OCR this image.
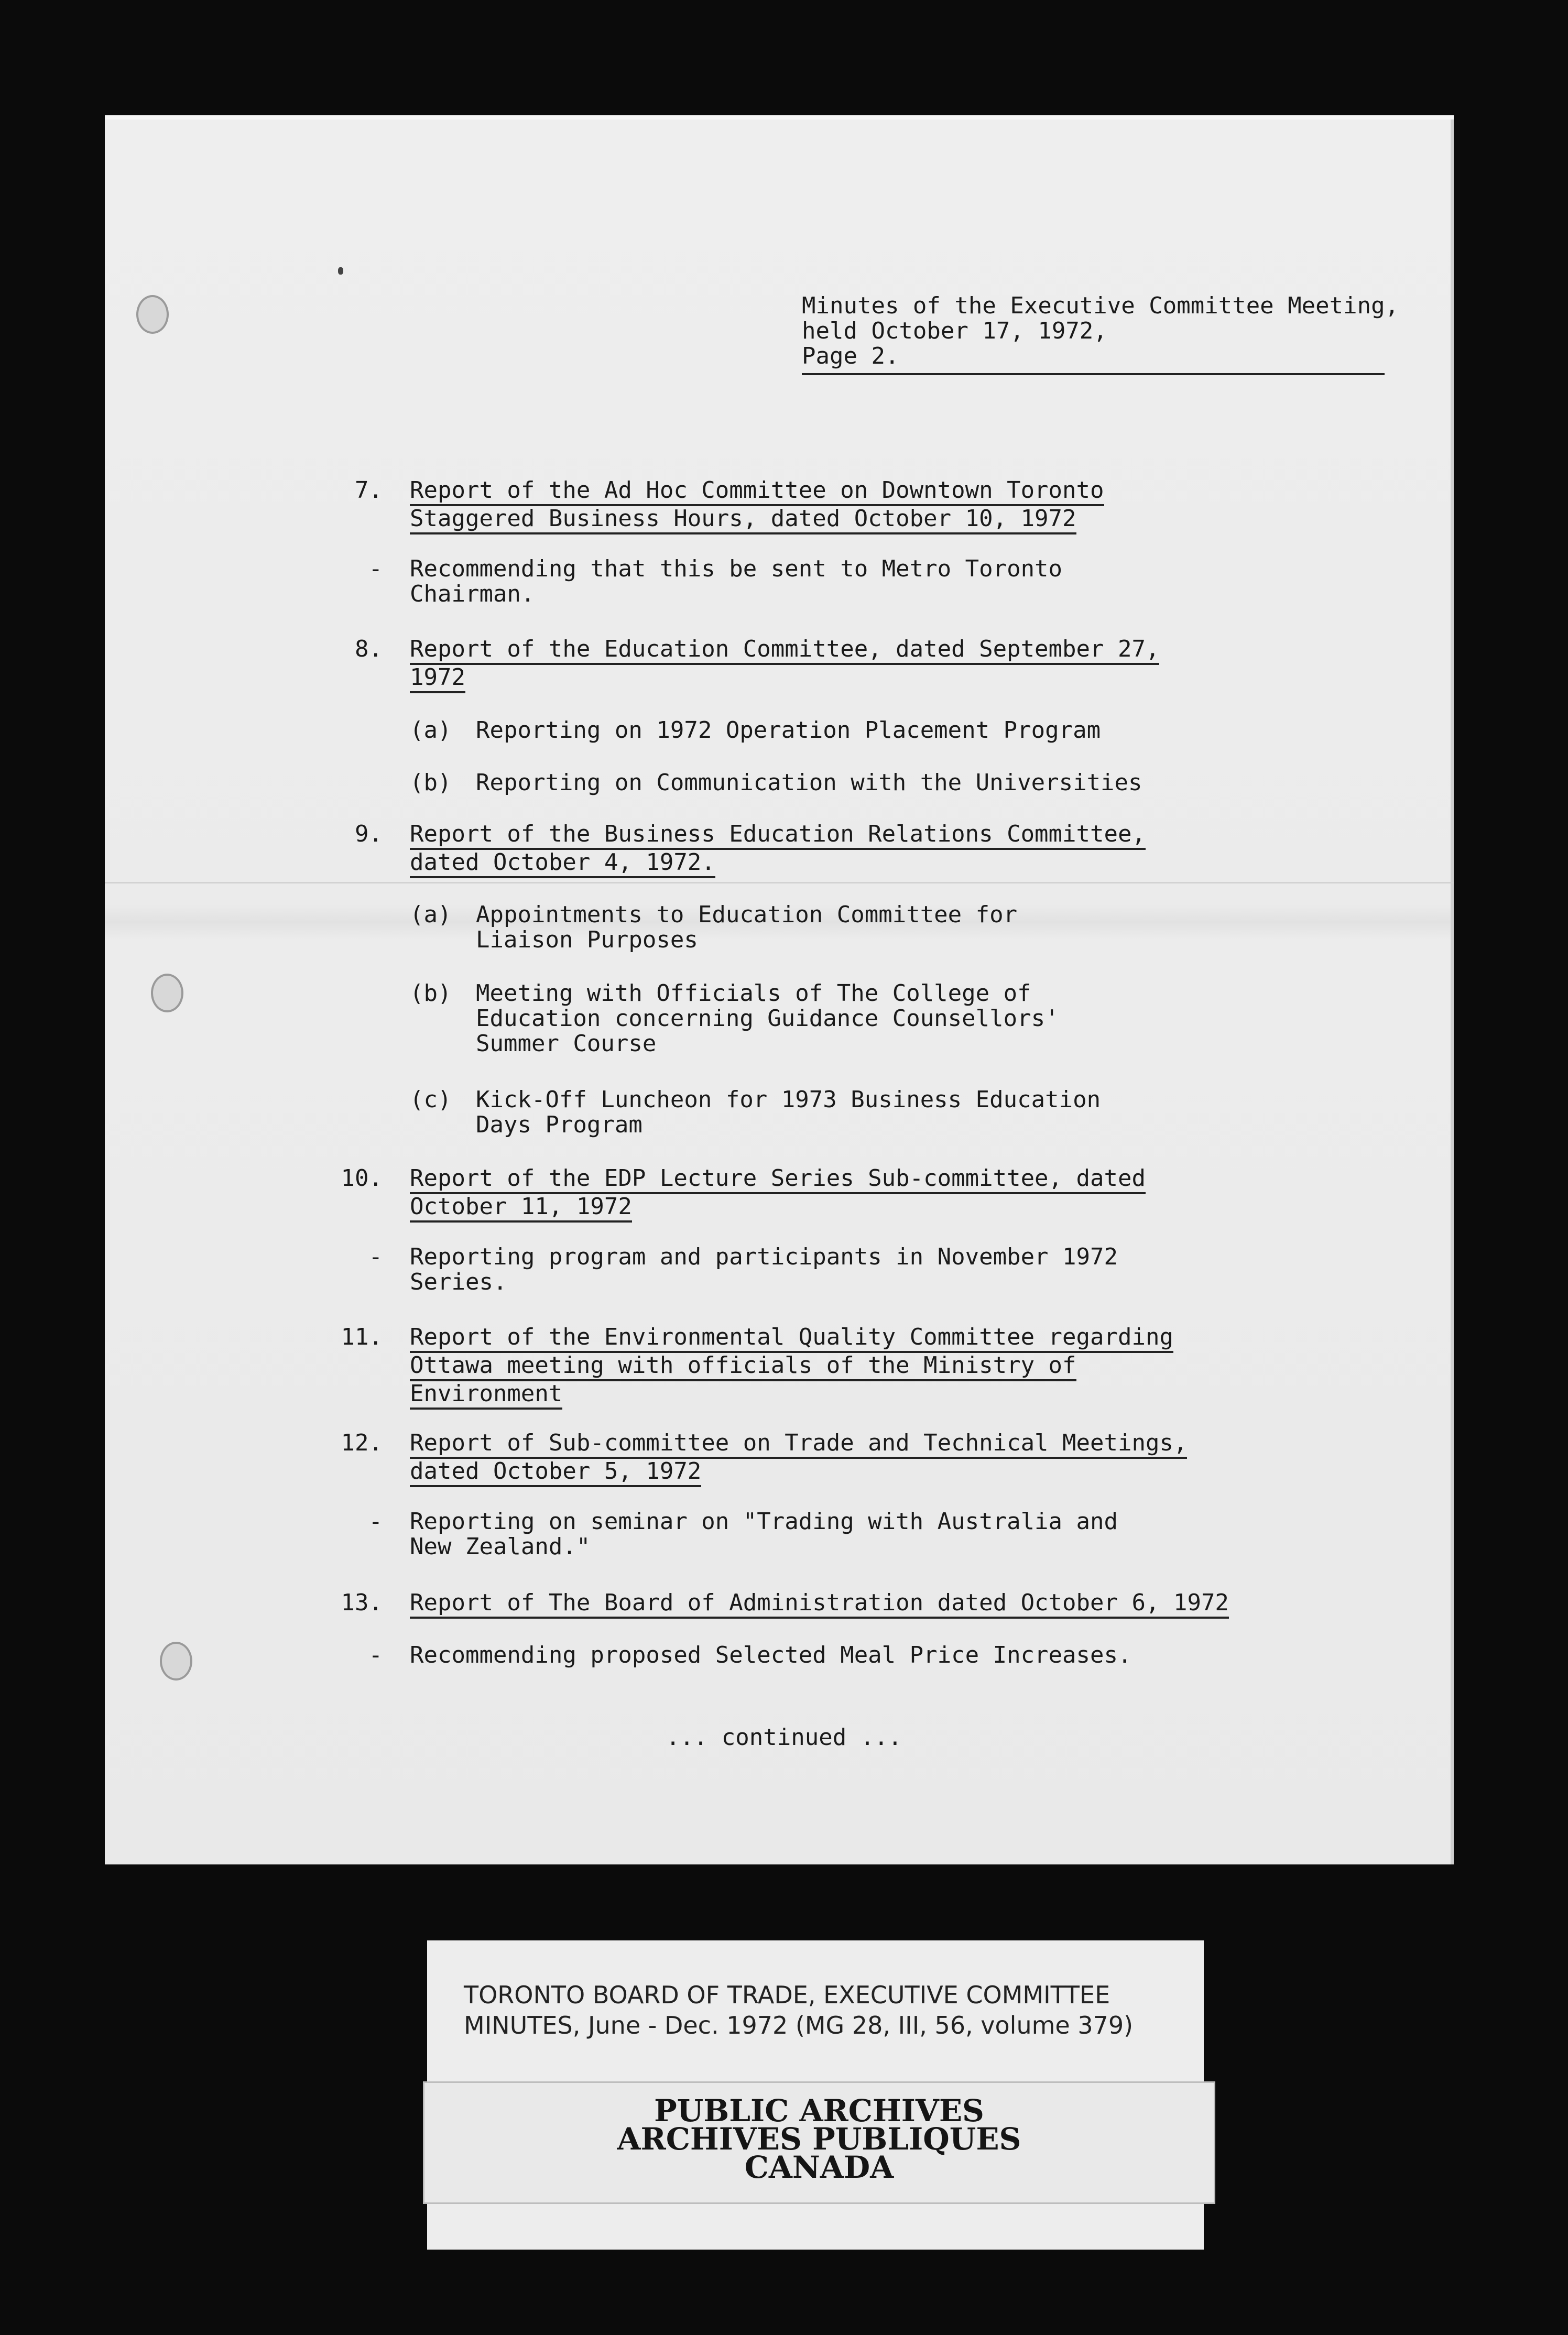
Minutes of the Executive Committee Meeting,
held October 17, 1972,
Page 2.
7. Report of the Ad Hoc Committee on Downtown Toronto
Staggered Business Hours, dated October 10, 1972
- Recommending that this be sent to Metro Toronto
Chairman.
8. Report of the Education Committee, dated September 27,
1972
(a) Reporting on 1972 Operation Placement Program
(b) Reporting on Communication with the Universities
9. Report of the Business Education Relations Committee,
dated October 4, 1972.
(a) Appointments to Education Committee for
Liaison Purposes
(b) Meeting with Officials of The College of
Education concerning Guidance Counsellors'
Summer Course
(c) Kick-Off Luncheon for 1973 Business Education
Days Program
10. Report of the EDP Lecture Series Sub-committee, dated
October 11, 1972
- Reporting program and participants in November 1972
Series.
11. Report of the Environmental Quality Committee regarding
Ottawa meeting with officials of the Ministry of
Environment
12. Report of Sub-committee on Trade and Technical Meetings,
dated October 5, 1972
- Reporting on seminar on "Trading with Australia and
New Zealand."
13. Report of The Board of Administration dated October 6, 1972
- Recommending proposed Selected Meal Price Increases.
... continued ...
TORONTO BOARD OF TRADE, EXECUTIVE COMMITTEE
MINUTES, June - Dec. 1972 (MG 28, III, 56, volume 379)
PUBLIC ARCHIVES
ARCHIVES PUBLIQUES
CANADA
